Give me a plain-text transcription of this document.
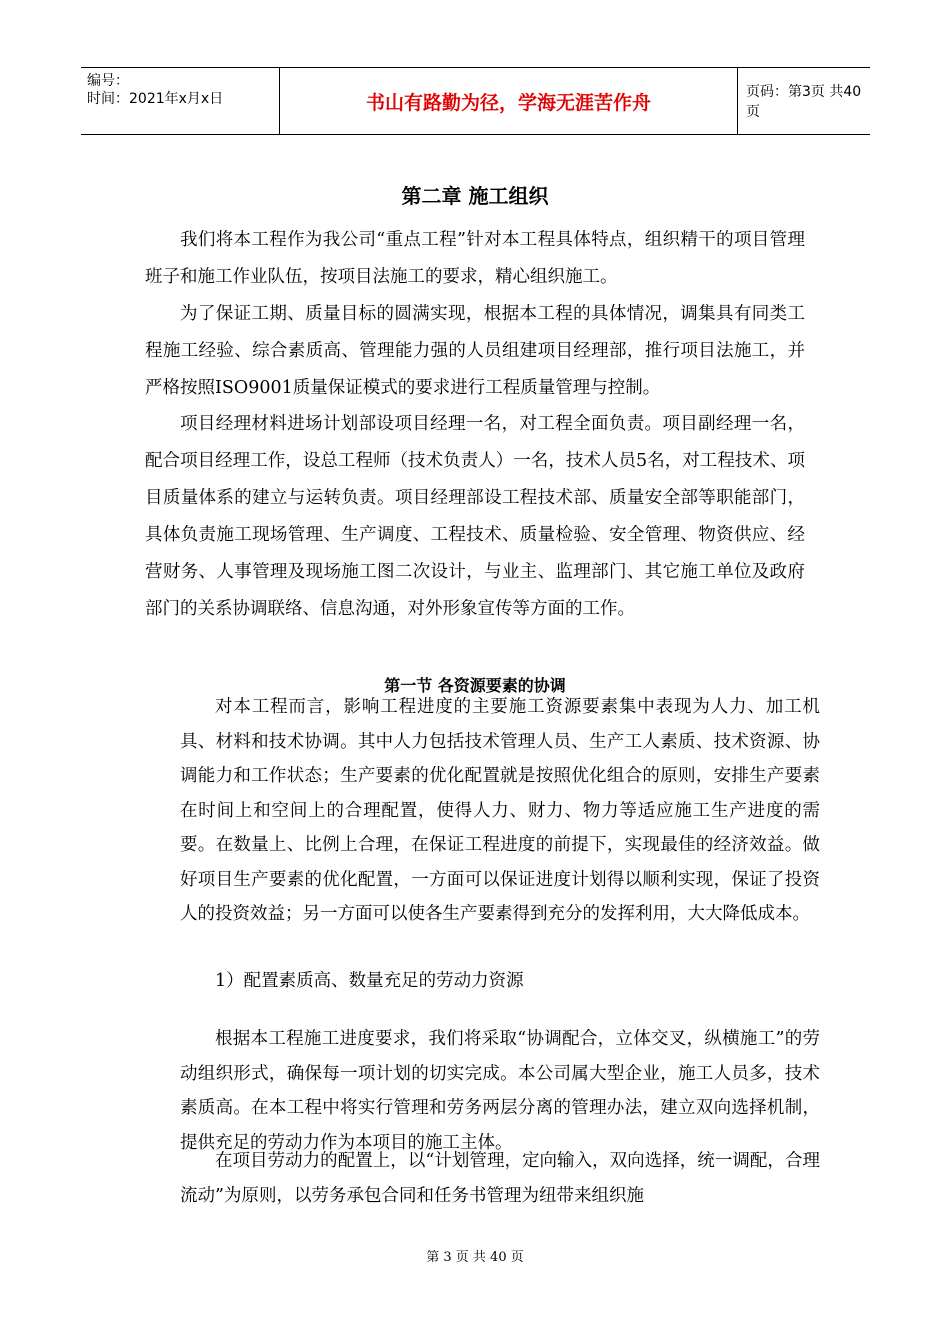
编号：
时间：2021年x月x日	书山有路勤为径，学海无涯苦作舟	页码：第3页 共40页
第二章 施工组织

我们将本工程作为我公司“重点工程”针对本工程具体特点，组织精干的项目管理班子和施工作业队伍，按项目法施工的要求，精心组织施工。

为了保证工期、质量目标的圆满实现，根据本工程的具体情况，调集具有同类工程施工经验、综合素质高、管理能力强的人员组建项目经理部，推行项目法施工，并严格按照ISO9001质量保证模式的要求进行工程质量管理与控制。

项目经理材料进场计划部设项目经理一名，对工程全面负责。项目副经理一名，配合项目经理工作，设总工程师（技术负责人）一名，技术人员5名，对工程技术、项目质量体系的建立与运转负责。项目经理部设工程技术部、质量安全部等职能部门，具体负责施工现场管理、生产调度、工程技术、质量检验、安全管理、物资供应、经营财务、人事管理及现场施工图二次设计，与业主、监理部门、其它施工单位及政府部门的关系协调联络、信息沟通，对外形象宣传等方面的工作。

第一节 各资源要素的协调

对本工程而言，影响工程进度的主要施工资源要素集中表现为人力、加工机具、材料和技术协调。其中人力包括技术管理人员、生产工人素质、技术资源、协调能力和工作状态；生产要素的优化配置就是按照优化组合的原则，安排生产要素在时间上和空间上的合理配置，使得人力、财力、物力等适应施工生产进度的需要。在数量上、比例上合理，在保证工程进度的前提下，实现最佳的经济效益。做好项目生产要素的优化配置，一方面可以保证进度计划得以顺利实现，保证了投资人的投资效益；另一方面可以使各生产要素得到充分的发挥利用，大大降低成本。

1）配置素质高、数量充足的劳动力资源

根据本工程施工进度要求，我们将采取“协调配合，立体交叉，纵横施工”的劳动组织形式，确保每一项计划的切实完成。本公司属大型企业，施工人员多，技术素质高。在本工程中将实行管理和劳务两层分离的管理办法，建立双向选择机制，提供充足的劳动力作为本项目的施工主体。

在项目劳动力的配置上，以“计划管理，定向输入，双向选择，统一调配，合理流动”为原则，以劳务承包合同和任务书管理为纽带来组织施

第 3 页 共 40 页
